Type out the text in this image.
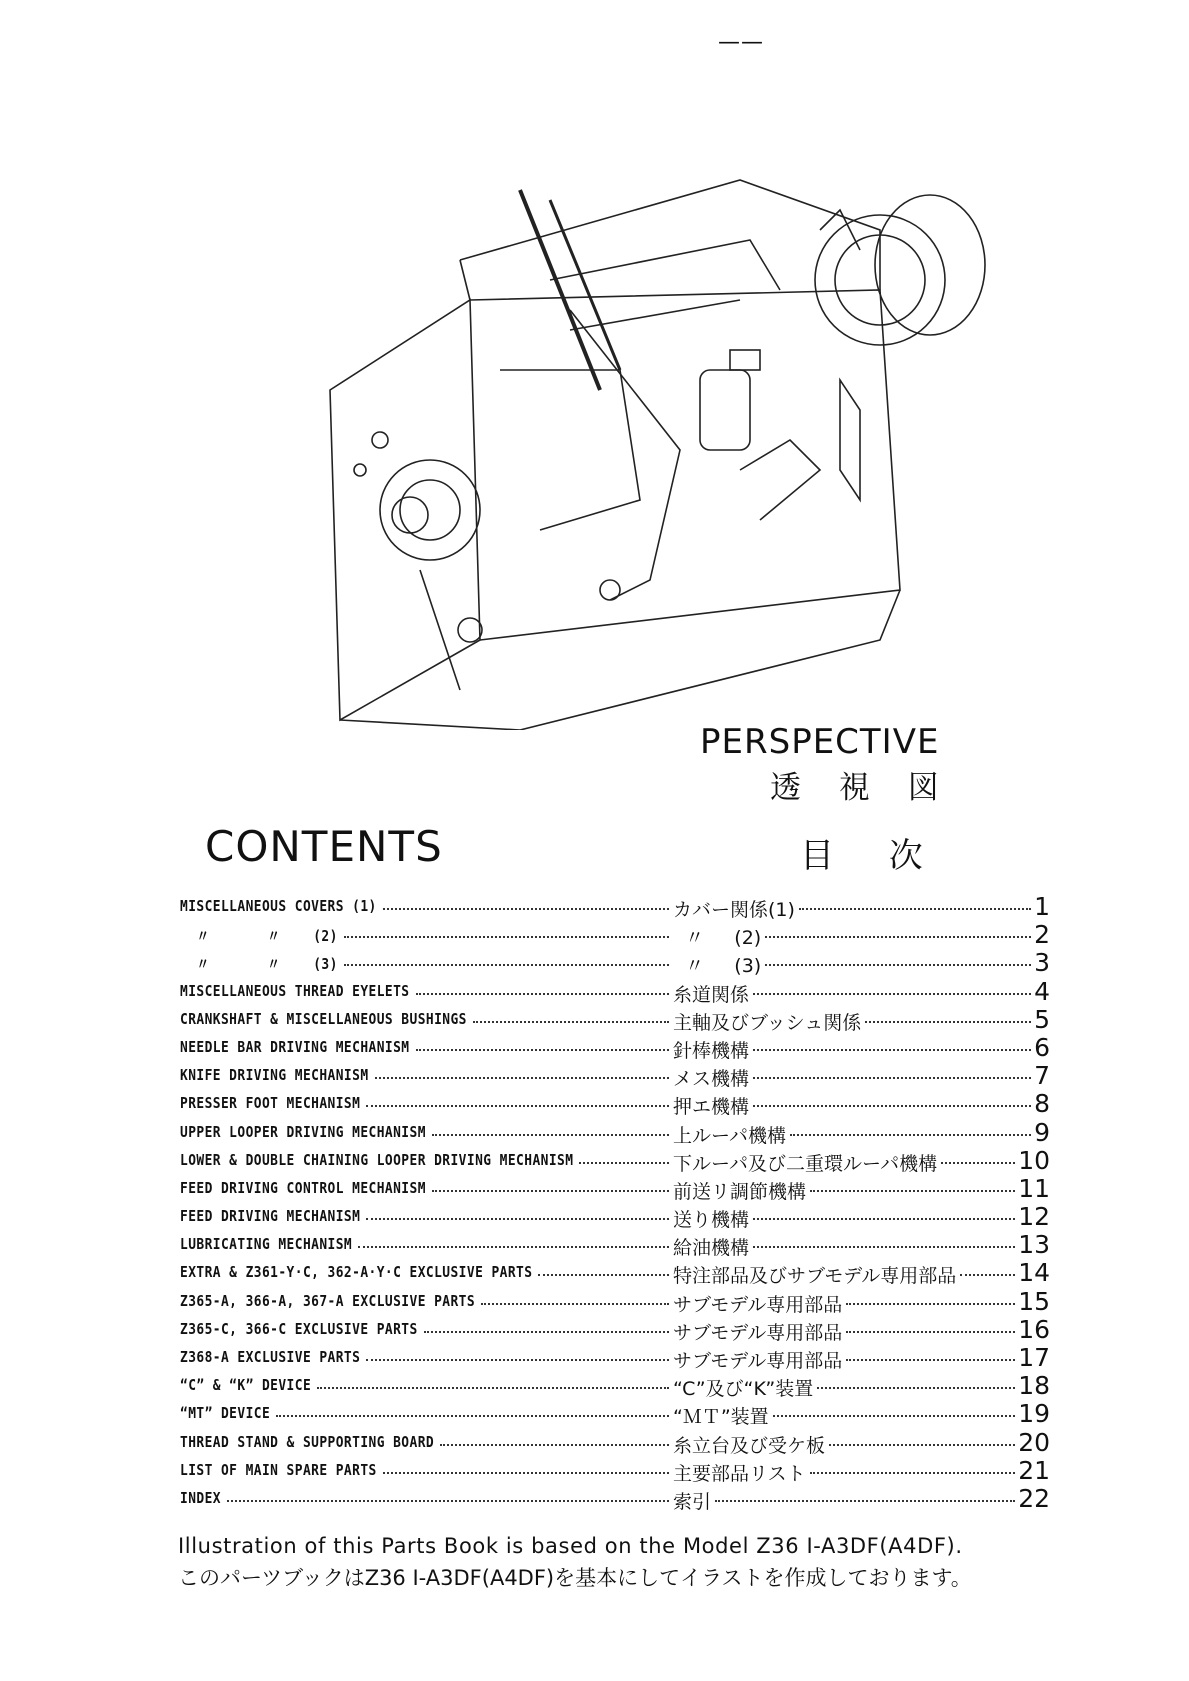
——
PERSPECTIVE
透 視 図
CONTENTS	目 次
MISCELLANEOUS COVERS (1)	カバー関係(1)	1
〃       〃    (2)	〃     (2)	2
〃       〃    (3)	〃     (3)	3
MISCELLANEOUS THREAD EYELETS	糸道関係	4
CRANKSHAFT & MISCELLANEOUS BUSHINGS	主軸及びブッシュ関係	5
NEEDLE BAR DRIVING MECHANISM	針棒機構	6
KNIFE DRIVING MECHANISM	メス機構	7
PRESSER FOOT MECHANISM	押エ機構	8
UPPER LOOPER DRIVING MECHANISM	上ルーパ機構	9
LOWER & DOUBLE CHAINING LOOPER DRIVING MECHANISM	下ルーパ及び二重環ルーパ機構	10
FEED DRIVING CONTROL MECHANISM	前送リ調節機構	11
FEED DRIVING MECHANISM	送り機構	12
LUBRICATING MECHANISM	給油機構	13
EXTRA & Z361-Y·C, 362-A·Y·C EXCLUSIVE PARTS	特注部品及びサブモデル専用部品	14
Z365-A, 366-A, 367-A EXCLUSIVE PARTS	サブモデル専用部品	15
Z365-C, 366-C EXCLUSIVE PARTS	サブモデル専用部品	16
Z368-A EXCLUSIVE PARTS	サブモデル専用部品	17
“C” & “K” DEVICE	“C”及び“K”装置	18
“MT” DEVICE	“ＭＴ”装置	19
THREAD STAND & SUPPORTING BOARD	糸立台及び受ケ板	20
LIST OF MAIN SPARE PARTS	主要部品リスト	21
INDEX	索引	22
Illustration of this Parts Book is based on the Model Z36 I-A3DF(A4DF).
このパーツブックはZ36 I-A3DF(A4DF)を基本にしてイラストを作成しております。
